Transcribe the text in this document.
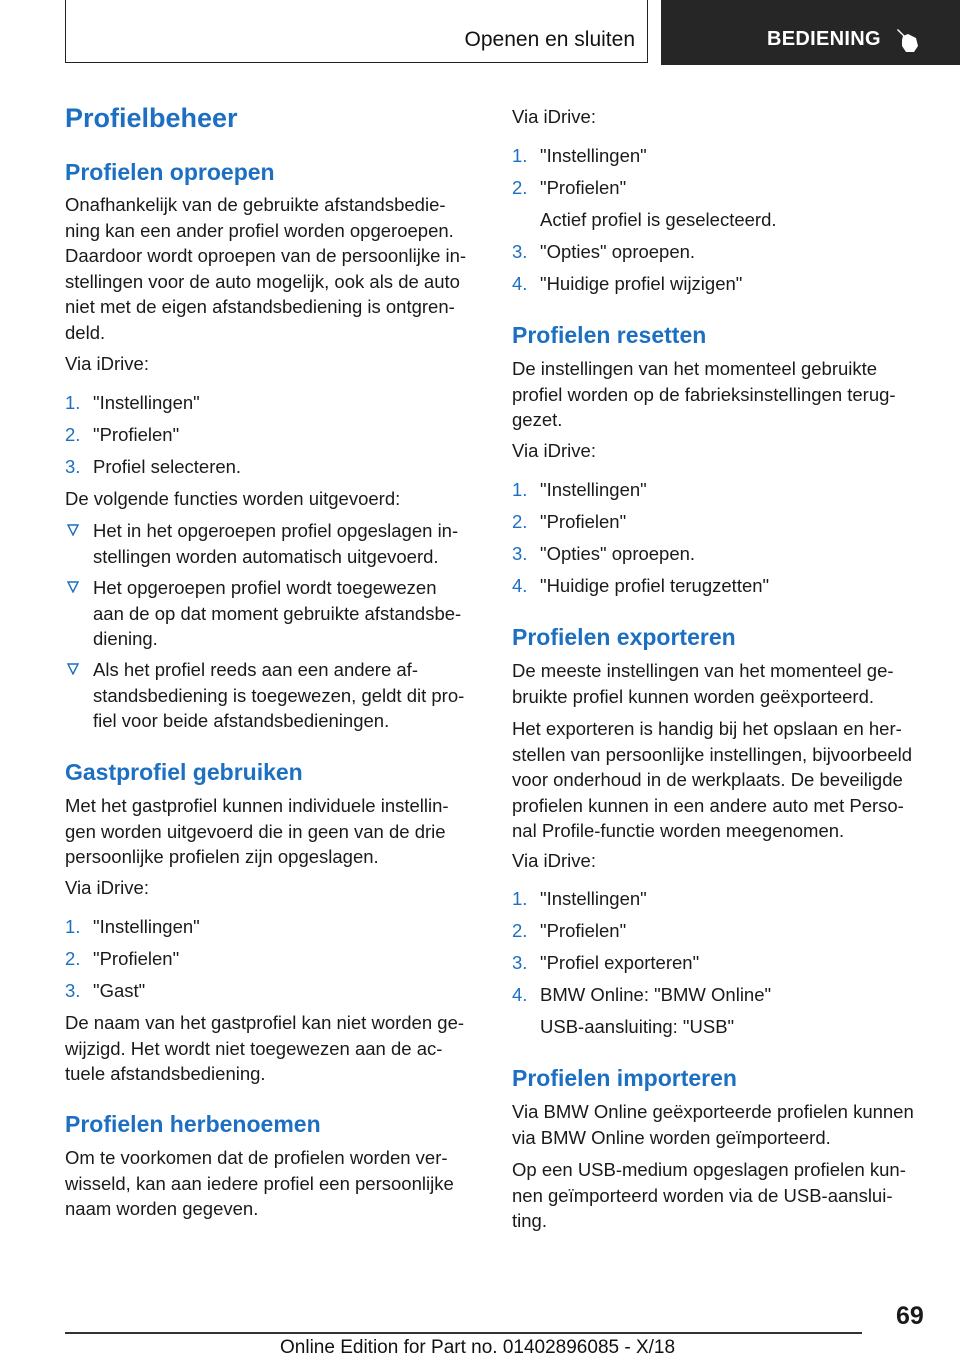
Openen en sluiten	BEDIENING
Profielbeheer
Profielen oproepen
Onafhankelijk van de gebruikte afstandsbedie-
ning kan een ander profiel worden opgeroepen.
Daardoor wordt oproepen van de persoonlijke in-
stellingen voor de auto mogelijk, ook als de auto
niet met de eigen afstandsbediening is ontgren-
deld.
Via iDrive:
1. "Instellingen"
2. "Profielen"
3. Profiel selecteren.
De volgende functies worden uitgevoerd:
Het in het opgeroepen profiel opgeslagen in-
stellingen worden automatisch uitgevoerd.
Het opgeroepen profiel wordt toegewezen
aan de op dat moment gebruikte afstandsbe-
diening.
Als het profiel reeds aan een andere af-
standsbediening is toegewezen, geldt dit pro-
fiel voor beide afstandsbedieningen.
Gastprofiel gebruiken
Met het gastprofiel kunnen individuele instellin-
gen worden uitgevoerd die in geen van de drie
persoonlijke profielen zijn opgeslagen.
Via iDrive:
1. "Instellingen"
2. "Profielen"
3. "Gast"
De naam van het gastprofiel kan niet worden ge-
wijzigd. Het wordt niet toegewezen aan de ac-
tuele afstandsbediening.
Profielen herbenoemen
Om te voorkomen dat de profielen worden ver-
wisseld, kan aan iedere profiel een persoonlijke
naam worden gegeven.
Via iDrive:
1. "Instellingen"
2. "Profielen"
Actief profiel is geselecteerd.
3. "Opties" oproepen.
4. "Huidige profiel wijzigen"
Profielen resetten
De instellingen van het momenteel gebruikte
profiel worden op de fabrieksinstellingen terug-
gezet.
Via iDrive:
1. "Instellingen"
2. "Profielen"
3. "Opties" oproepen.
4. "Huidige profiel terugzetten"
Profielen exporteren
De meeste instellingen van het momenteel ge-
bruikte profiel kunnen worden geëxporteerd.
Het exporteren is handig bij het opslaan en her-
stellen van persoonlijke instellingen, bijvoorbeeld
voor onderhoud in de werkplaats. De beveiligde
profielen kunnen in een andere auto met Perso-
nal Profile-functie worden meegenomen.
Via iDrive:
1. "Instellingen"
2. "Profielen"
3. "Profiel exporteren"
4. BMW Online: "BMW Online"
USB-aansluiting: "USB"
Profielen importeren
Via BMW Online geëxporteerde profielen kunnen
via BMW Online worden geïmporteerd.
Op een USB-medium opgeslagen profielen kun-
nen geïmporteerd worden via de USB-aanslui-
ting.
69
Online Edition for Part no. 01402896085 - X/18
